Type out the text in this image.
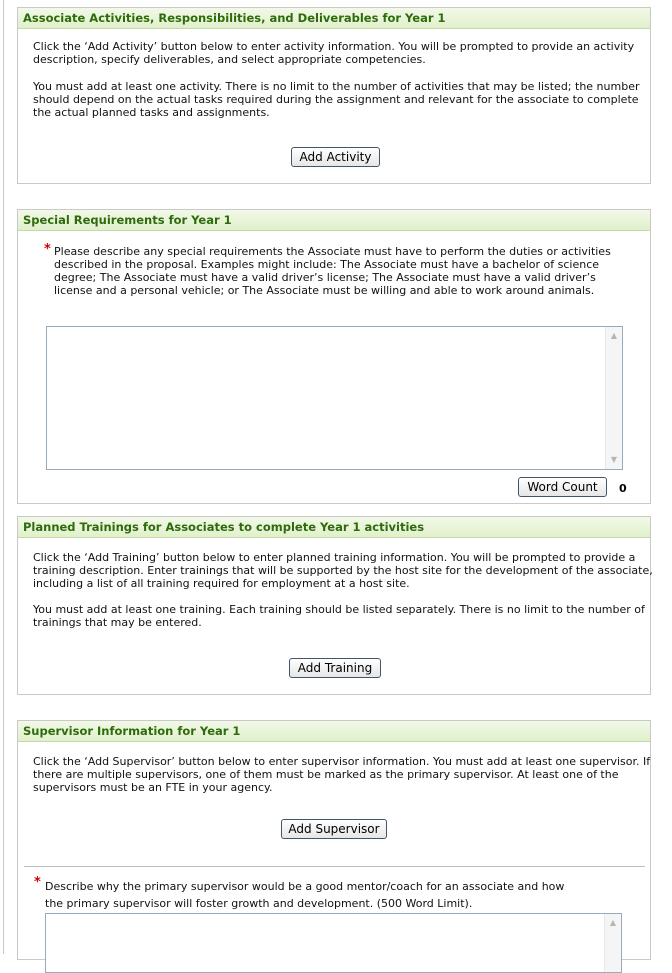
Associate Activities, Responsibilities, and Deliverables for Year 1
Click the ‘Add Activity’ button below to enter activity information. You will be prompted to provide an activity description, specify deliverables, and select appropriate competencies.
You must add at least one activity. There is no limit to the number of activities that may be listed; the number should depend on the actual tasks required during the assignment and relevant for the associate to complete the actual planned tasks and assignments.
Add Activity
Special Requirements for Year 1
* Please describe any special requirements the Associate must have to perform the duties or activities described in the proposal. Examples might include: The Associate must have a bachelor of science degree; The Associate must have a valid driver’s license; The Associate must have a valid driver’s license and a personal vehicle; or The Associate must be willing and able to work around animals.
▲
▼
Word Count	0
Planned Trainings for Associates to complete Year 1 activities
Click the ‘Add Training’ button below to enter planned training information. You will be prompted to provide a training description. Enter trainings that will be supported by the host site for the development of the associate, including a list of all training required for employment at a host site.
You must add at least one training. Each training should be listed separately. There is no limit to the number of trainings that may be entered.
Add Training
Supervisor Information for Year 1
Click the ‘Add Supervisor’ button below to enter supervisor information. You must add at least one supervisor. If there are multiple supervisors, one of them must be marked as the primary supervisor. At least one of the supervisors must be an FTE in your agency.
Add Supervisor
* Describe why the primary supervisor would be a good mentor/coach for an associate and how the primary supervisor will foster growth and development. (500 Word Limit).
▲
